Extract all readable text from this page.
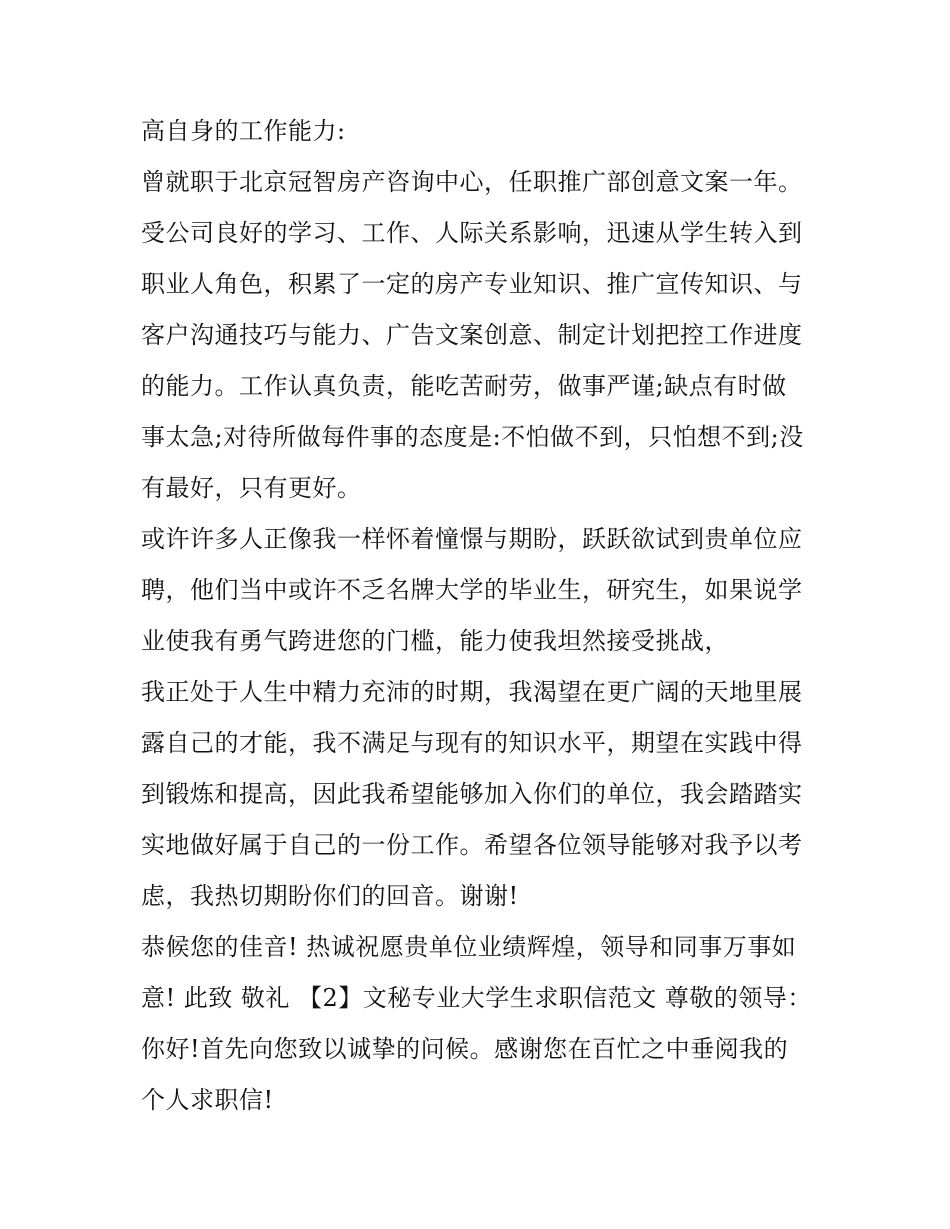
高自身的工作能力:
曾就职于北京冠智房产咨询中心，任职推广部创意文案一年。
受公司良好的学习、工作、人际关系影响，迅速从学生转入到
职业人角色，积累了一定的房产专业知识、推广宣传知识、与
客户沟通技巧与能力、广告文案创意、制定计划把控工作进度
的能力。工作认真负责，能吃苦耐劳，做事严谨;缺点有时做
事太急;对待所做每件事的态度是:不怕做不到，只怕想不到;没
有最好，只有更好。
或许许多人正像我一样怀着憧憬与期盼，跃跃欲试到贵单位应
聘，他们当中或许不乏名牌大学的毕业生，研究生，如果说学
业使我有勇气跨进您的门槛，能力使我坦然接受挑战，
我正处于人生中精力充沛的时期，我渴望在更广阔的天地里展
露自己的才能，我不满足与现有的知识水平，期望在实践中得
到锻炼和提高，因此我希望能够加入你们的单位，我会踏踏实
实地做好属于自己的一份工作。希望各位领导能够对我予以考
虑，我热切期盼你们的回音。谢谢!
恭候您的佳音! 热诚祝愿贵单位业绩辉煌，领导和同事万事如
意! 此致 敬礼 【2】文秘专业大学生求职信范文 尊敬的领导：
你好!首先向您致以诚挚的问候。感谢您在百忙之中垂阅我的
个人求职信!
